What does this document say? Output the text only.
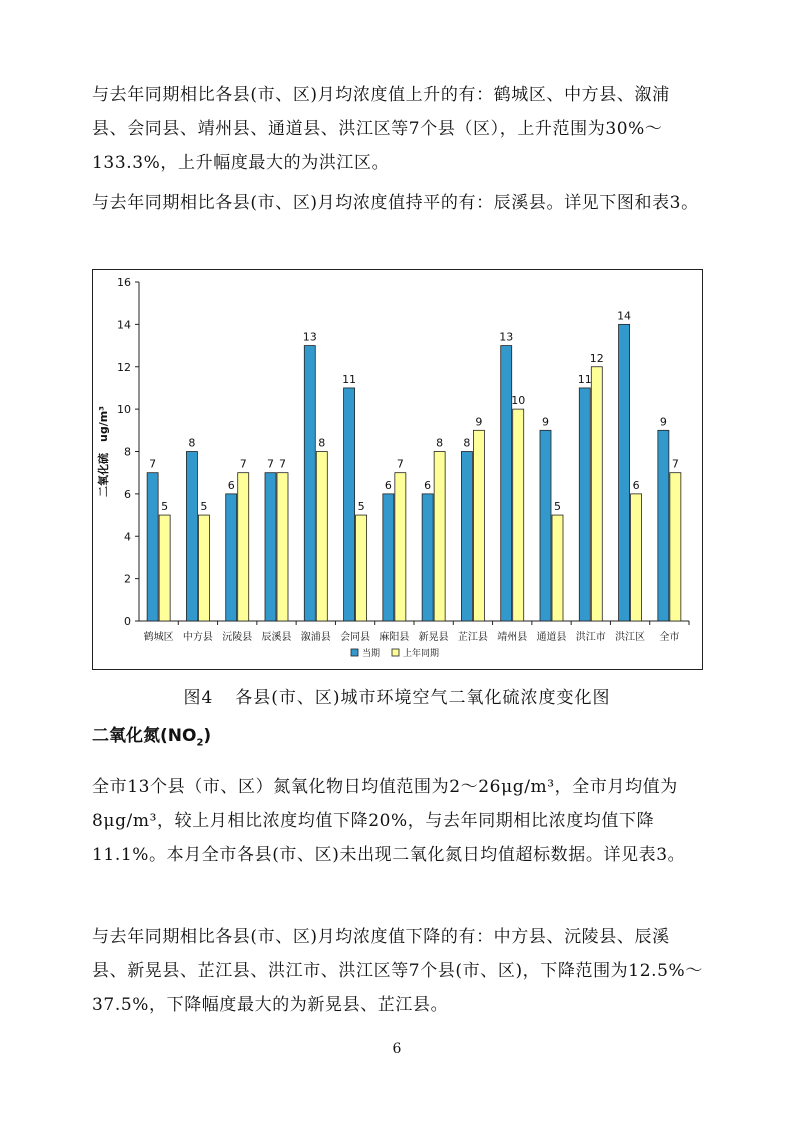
与去年同期相比各县(市、区)月均浓度值上升的有：鹤城区、中方县、溆浦县、会同县、靖州县、通道县、洪江区等7个县（区），上升范围为30%～133.3%，上升幅度最大的为洪江区。
与去年同期相比各县(市、区)月均浓度值持平的有：辰溪县。详见下图和表3。
0
2
4
6
8
10
12
14
16
二氧化硫　ug/m³	7
5
鹤城区
8
5
中方县
6
7
沅陵县
7 7
辰溪县
13
8
溆浦县
11
5
会同县
6
7
麻阳县
6
8
新晃县
8
9
芷江县
13
10
靖州县
9
5
通道县
11
12
洪江市
14
6
洪江区
9
7
全市
当期	上年同期
图4 各县(市、区)城市环境空气二氧化硫浓度变化图
二氧化氮$(NO_2)$
全市13个县（市、区）氮氧化物日均值范围为2～26μg/m³，全市月均值为8μg/m³，较上月相比浓度均值下降20%，与去年同期相比浓度均值下降11.1%。本月全市各县(市、区)未出现二氧化氮日均值超标数据。详见表3。
与去年同期相比各县(市、区)月均浓度值下降的有：中方县、沅陵县、辰溪县、新晃县、芷江县、洪江市、洪江区等7个县(市、区)，下降范围为12.5%～37.5%，下降幅度最大的为新晃县、芷江县。
6
